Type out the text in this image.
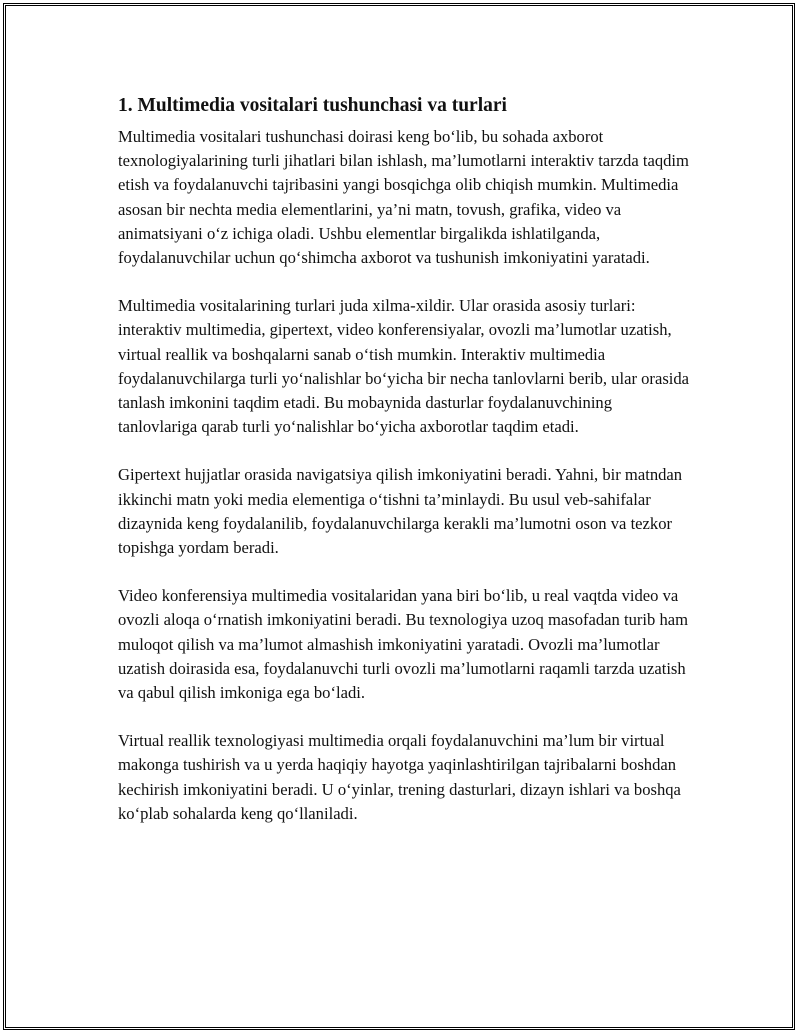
1. Multimedia vositalari tushunchasi va turlari

Multimedia vositalari tushunchasi doirasi keng bo‘lib, bu sohada axborot texnologiyalarining turli jihatlari bilan ishlash, ma’lumotlarni interaktiv tarzda taqdim etish va foydalanuvchi tajribasini yangi bosqichga olib chiqish mumkin. Multimedia asosan bir nechta media elementlarini, ya’ni matn, tovush, grafika, video va animatsiyani o‘z ichiga oladi. Ushbu elementlar birgalikda ishlatilganda, foydalanuvchilar uchun qo‘shimcha axborot va tushunish imkoniyatini yaratadi.

Multimedia vositalarining turlari juda xilma-xildir. Ular orasida asosiy turlari: interaktiv multimedia, gipertext, video konferensiyalar, ovozli ma’lumotlar uzatish, virtual reallik va boshqalarni sanab o‘tish mumkin. Interaktiv multimedia foydalanuvchilarga turli yo‘nalishlar bo‘yicha bir necha tanlovlarni berib, ular orasida tanlash imkonini taqdim etadi. Bu mobaynida dasturlar foydalanuvchining tanlovlariga qarab turli yo‘nalishlar bo‘yicha axborotlar taqdim etadi.

Gipertext hujjatlar orasida navigatsiya qilish imkoniyatini beradi. Yahni, bir matndan ikkinchi matn yoki media elementiga o‘tishni ta’minlaydi. Bu usul veb-sahifalar dizaynida keng foydalanilib, foydalanuvchilarga kerakli ma’lumotni oson va tezkor topishga yordam beradi.

Video konferensiya multimedia vositalaridan yana biri bo‘lib, u real vaqtda video va ovozli aloqa o‘rnatish imkoniyatini beradi. Bu texnologiya uzoq masofadan turib ham muloqot qilish va ma’lumot almashish imkoniyatini yaratadi. Ovozli ma’lumotlar uzatish doirasida esa, foydalanuvchi turli ovozli ma’lumotlarni raqamli tarzda uzatish va qabul qilish imkoniga ega bo‘ladi.

Virtual reallik texnologiyasi multimedia orqali foydalanuvchini ma’lum bir virtual makonga tushirish va u yerda haqiqiy hayotga yaqinlashtirilgan tajribalarni boshdan kechirish imkoniyatini beradi. U o‘yinlar, trening dasturlari, dizayn ishlari va boshqa ko‘plab sohalarda keng qo‘llaniladi.
